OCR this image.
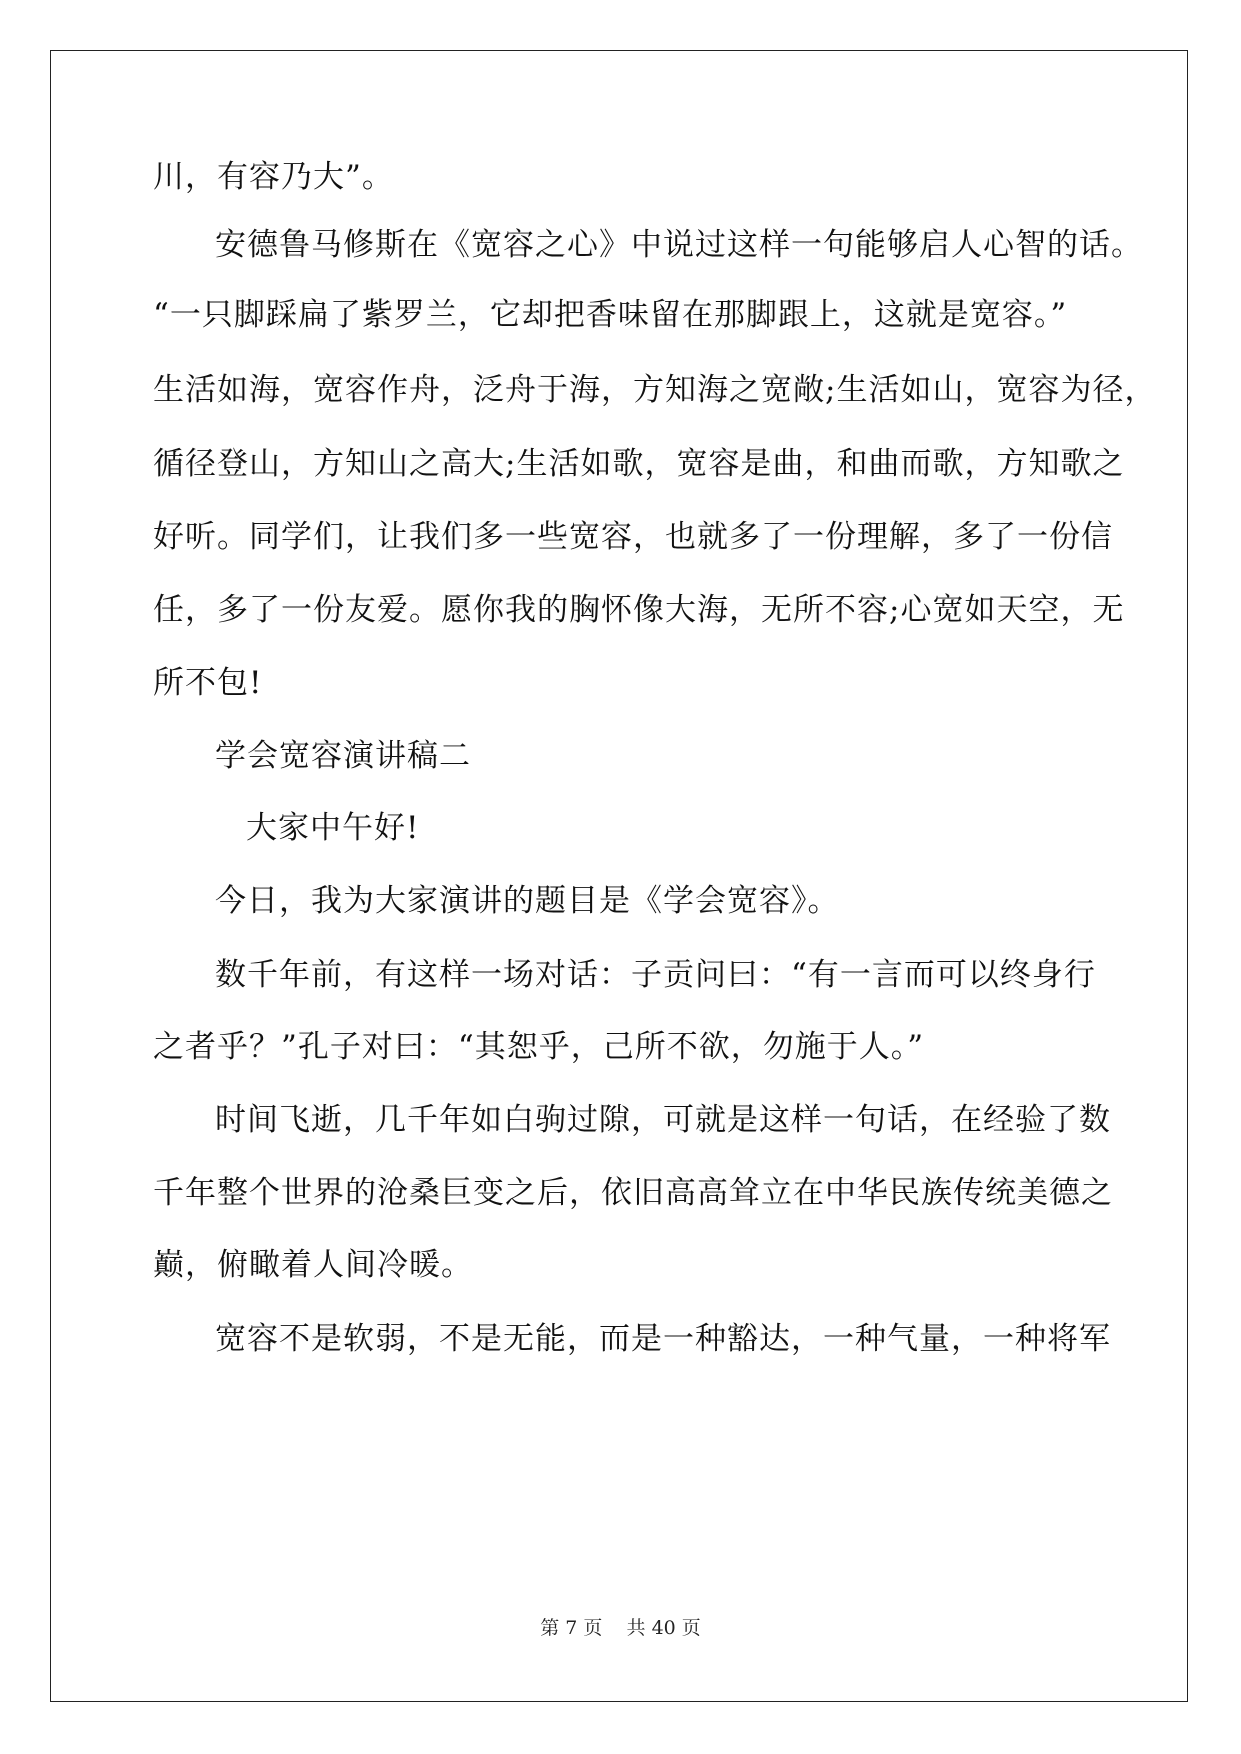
川，有容乃大”。
安德鲁马修斯在《宽容之心》中说过这样一句能够启人心智的话。
“一只脚踩扁了紫罗兰，它却把香味留在那脚跟上，这就是宽容。”
生活如海，宽容作舟，泛舟于海，方知海之宽敞;生活如山，宽容为径，
循径登山，方知山之高大;生活如歌，宽容是曲，和曲而歌，方知歌之
好听。同学们，让我们多一些宽容，也就多了一份理解，多了一份信
任，多了一份友爱。愿你我的胸怀像大海，无所不容;心宽如天空，无
所不包!
学会宽容演讲稿二
大家中午好!
今日，我为大家演讲的题目是《学会宽容》。
数千年前，有这样一场对话：子贡问曰：“有一言而可以终身行
之者乎？”孔子对曰：“其恕乎，己所不欲，勿施于人。”
时间飞逝，几千年如白驹过隙，可就是这样一句话，在经验了数
千年整个世界的沧桑巨变之后，依旧高高耸立在中华民族传统美德之
巅，俯瞰着人间冷暖。
宽容不是软弱，不是无能，而是一种豁达，一种气量，一种将军
第 7 页    共 40 页
